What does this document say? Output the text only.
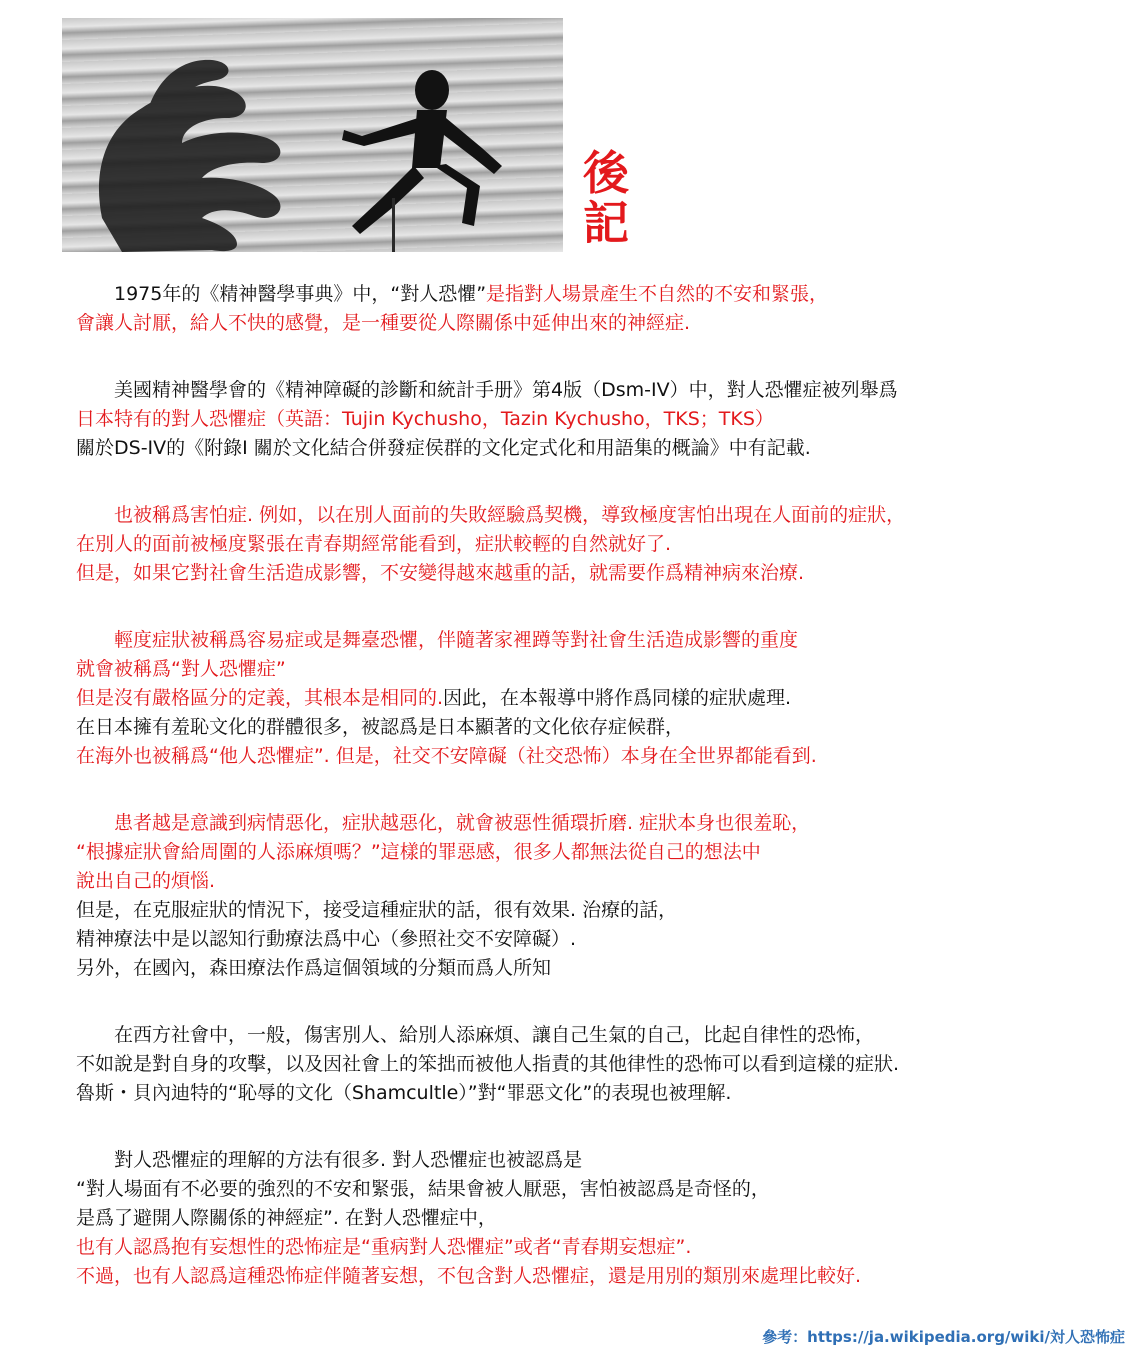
後
記
1975年的《精神醫學事典》中，“對人恐懼”是指對人場景產生不自然的不安和緊張，
會讓人討厭，給人不快的感覺，是一種要從人際關係中延伸出來的神經症.
美國精神醫學會的《精神障礙的診斷和統計手册》第4版（Dsm-IV）中，對人恐懼症被列舉爲
日本特有的對人恐懼症（英語：Tujin Kychusho，Tazin Kychusho，TKS；TKS）
關於DS-IV的《附錄I 關於文化結合併發症侯群的文化定式化和用語集的概論》中有記載.
也被稱爲害怕症. 例如，以在別人面前的失敗經驗爲契機，導致極度害怕出現在人面前的症狀，
在別人的面前被極度緊張在青春期經常能看到，症狀較輕的自然就好了.
但是，如果它對社會生活造成影響，不安變得越來越重的話，就需要作爲精神病來治療.
輕度症狀被稱爲容易症或是舞臺恐懼，伴隨著家裡蹲等對社會生活造成影響的重度
就會被稱爲“對人恐懼症”
但是沒有嚴格區分的定義，其根本是相同的.因此，在本報導中將作爲同樣的症狀處理.
在日本擁有羞恥文化的群體很多，被認爲是日本顯著的文化依存症候群，
在海外也被稱爲“他人恐懼症”. 但是，社交不安障礙（社交恐怖）本身在全世界都能看到.
患者越是意識到病情惡化，症狀越惡化，就會被惡性循環折磨. 症狀本身也很羞恥，
“根據症狀會給周圍的人添麻煩嗎？”這樣的罪惡感，很多人都無法從自己的想法中
說出自己的煩惱.
但是，在克服症狀的情況下，接受這種症狀的話，很有效果. 治療的話，
精神療法中是以認知行動療法爲中心（參照社交不安障礙）.
另外，在國內，森田療法作爲這個領域的分類而爲人所知
在西方社會中，一般，傷害別人、給別人添麻煩、讓自己生氣的自己，比起自律性的恐怖，
不如說是對自身的攻擊，以及因社會上的笨拙而被他人指責的其他律性的恐怖可以看到這樣的症狀.
魯斯・貝內迪特的“恥辱的文化（Shamcultle）”對“罪惡文化”的表現也被理解.
對人恐懼症的理解的方法有很多. 對人恐懼症也被認爲是
“對人場面有不必要的強烈的不安和緊張，結果會被人厭惡，害怕被認爲是奇怪的，
是爲了避開人際關係的神經症”. 在對人恐懼症中，
也有人認爲抱有妄想性的恐怖症是“重病對人恐懼症”或者“青春期妄想症”.
不過，也有人認爲這種恐怖症伴隨著妄想，不包含對人恐懼症，還是用別的類別來處理比較好.
參考：https://ja.wikipedia.org/wiki/対人恐怖症
